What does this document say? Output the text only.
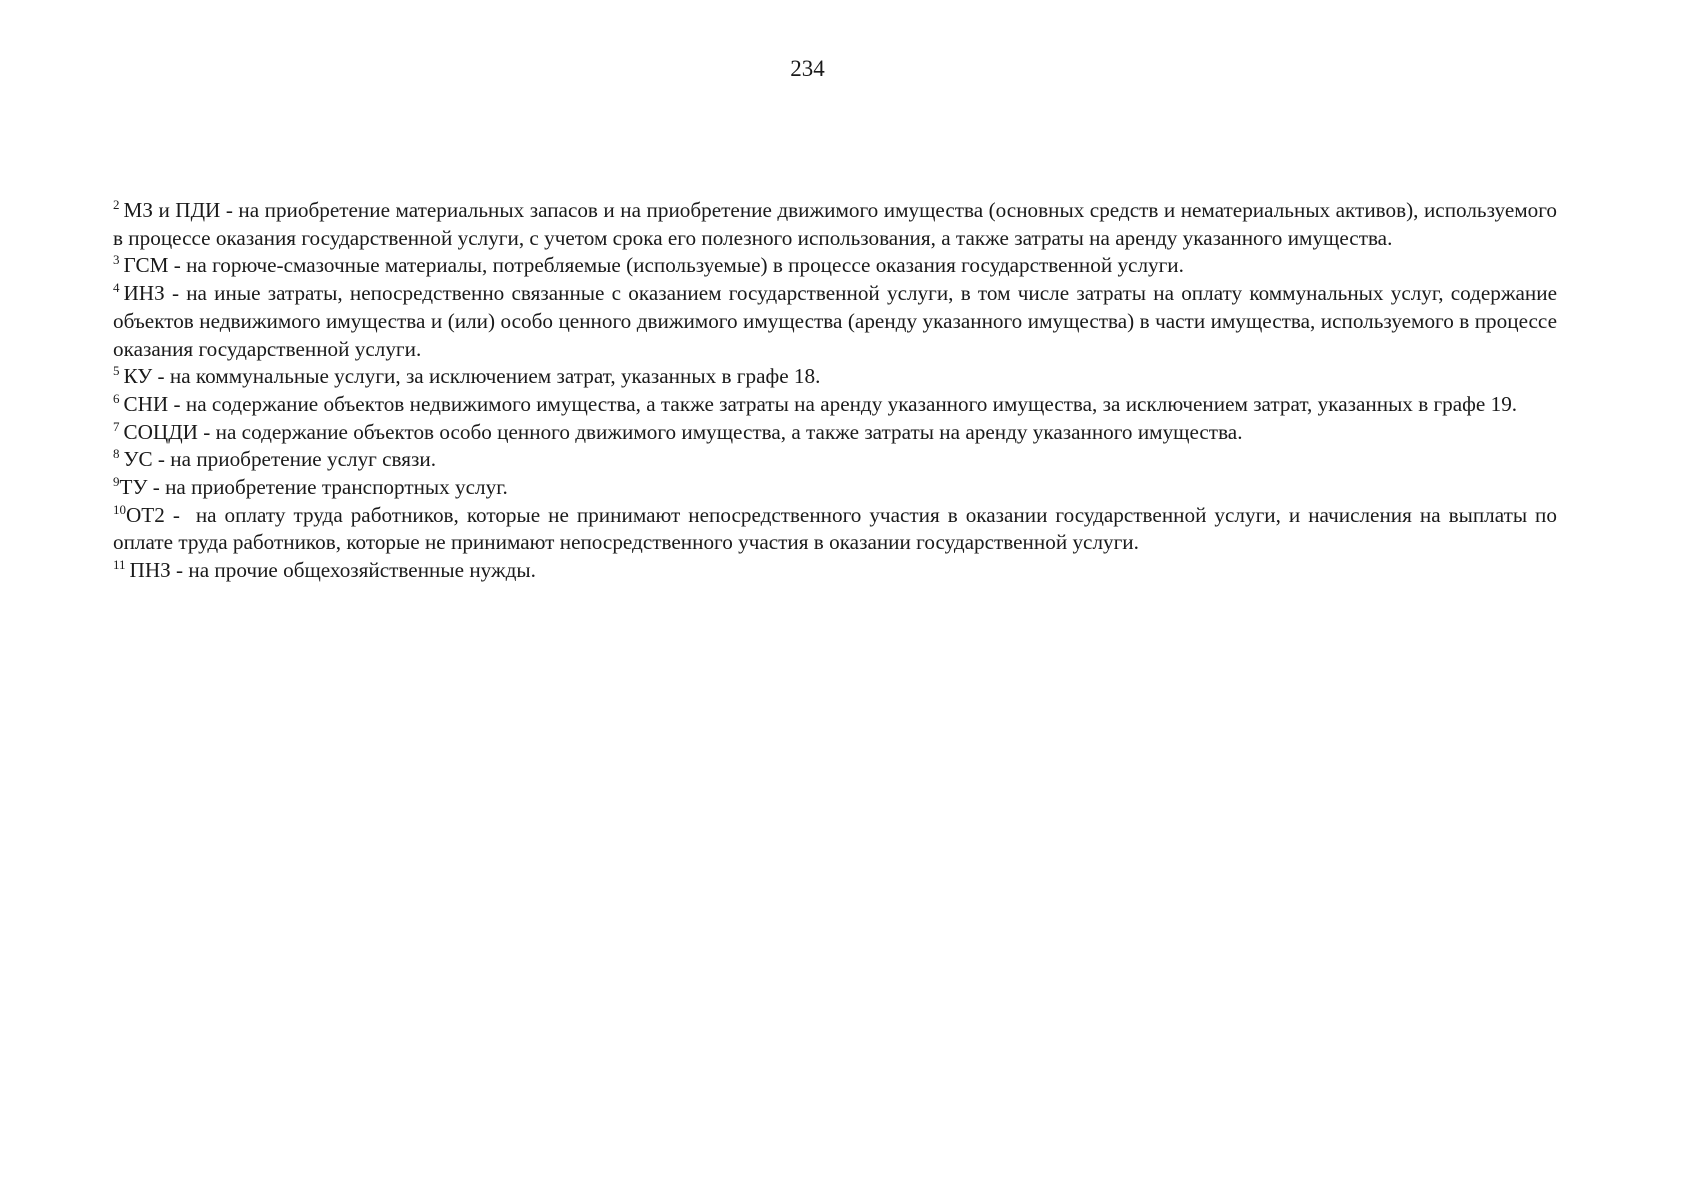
234

$^2$ МЗ и ПДИ - на приобретение материальных запасов и на приобретение движимого имущества (основных средств и нематериальных активов), используемого в процессе оказания государственной услуги, с учетом срока его полезного использования, а также затраты на аренду указанного имущества.

$^3$ ГСМ - на горюче-смазочные материалы, потребляемые (используемые) в процессе оказания государственной услуги.

$^4$ ИНЗ - на иные затраты, непосредственно связанные с оказанием государственной услуги, в том числе затраты на оплату коммунальных услуг, содержание объектов недвижимого имущества и (или) особо ценного движимого имущества (аренду указанного имущества) в части имущества, используемого в процессе оказания государственной услуги.

$^5$ КУ - на коммунальные услуги, за исключением затрат, указанных в графе 18.

$^6$ СНИ - на содержание объектов недвижимого имущества, а также затраты на аренду указанного имущества, за исключением затрат, указанных в графе 19.

$^7$ СОЦДИ - на содержание объектов особо ценного движимого имущества, а также затраты на аренду указанного имущества.

$^8$ УС - на приобретение услуг связи.

$^9$ТУ - на приобретение транспортных услуг.

$^{10}$ОТ2 -  на оплату труда работников, которые не принимают непосредственного участия в оказании государственной услуги, и начисления на выплаты по оплате труда работников, которые не принимают непосредственного участия в оказании государственной услуги.

$^{11}$ ПНЗ - на прочие общехозяйственные нужды.
